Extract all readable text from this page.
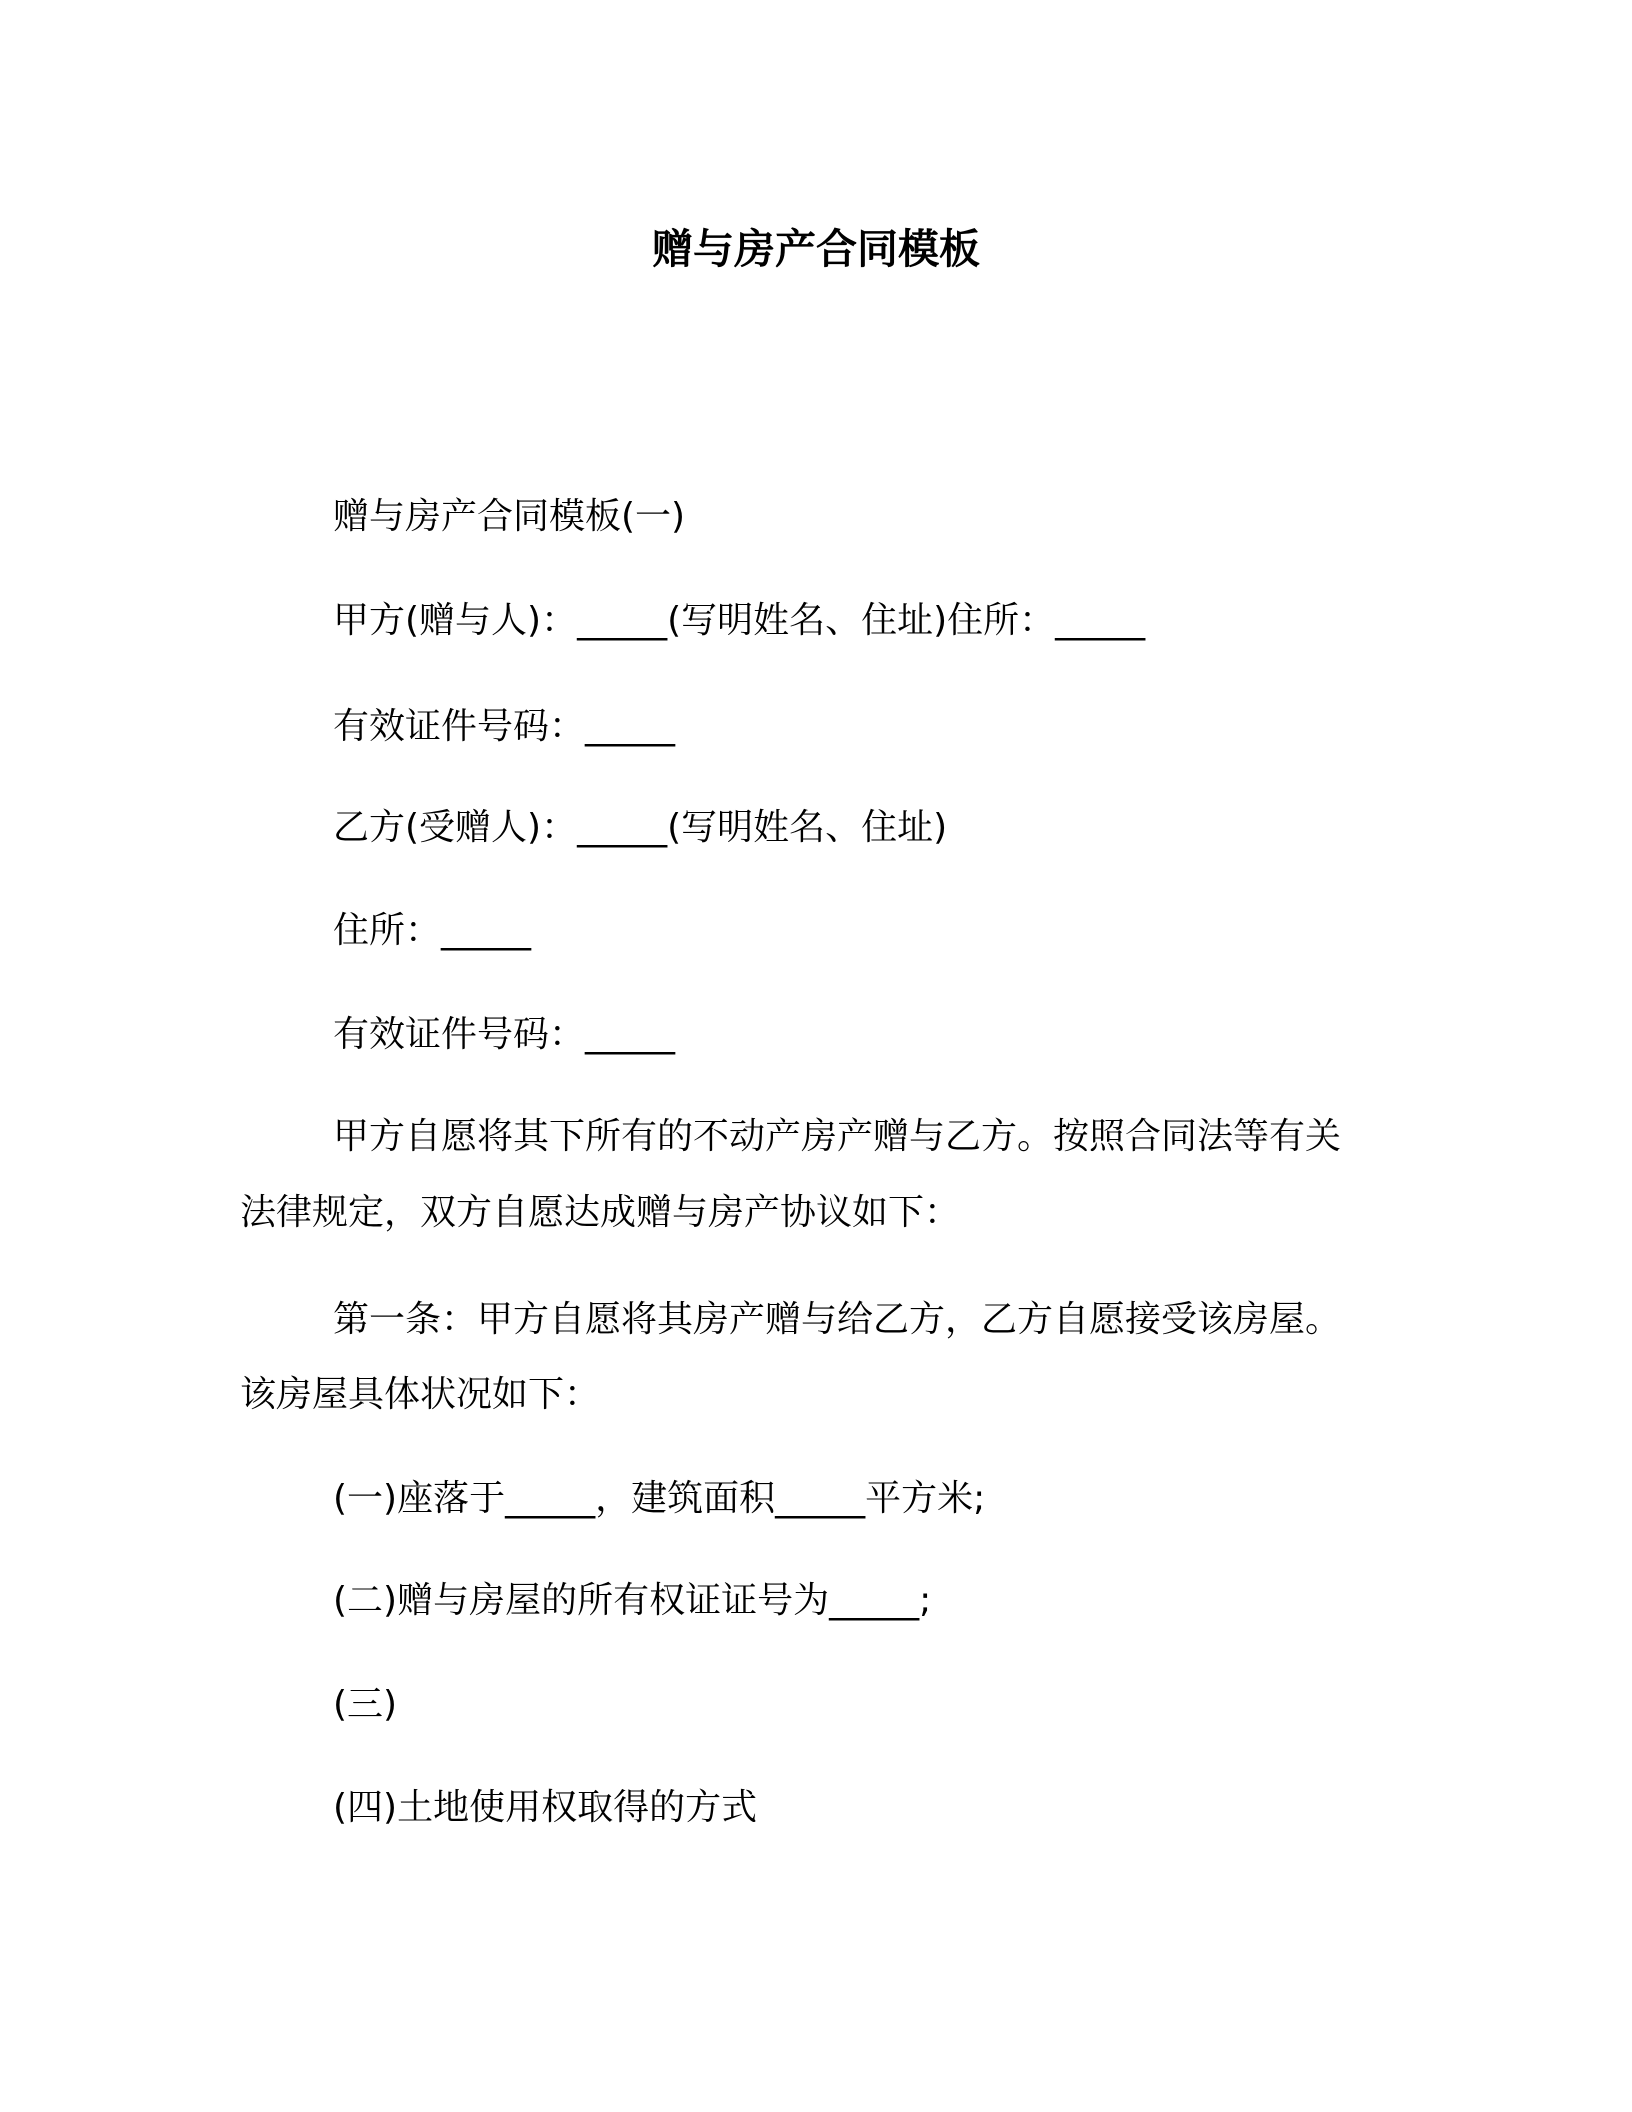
赠与房产合同模板
赠与房产合同模板(一)
甲方(赠与人)：_____(写明姓名、住址)住所：_____
有效证件号码：_____
乙方(受赠人)：_____(写明姓名、住址)
住所：_____
有效证件号码：_____
甲方自愿将其下所有的不动产房产赠与乙方。按照合同法等有关
法律规定，双方自愿达成赠与房产协议如下：
第一条：甲方自愿将其房产赠与给乙方，乙方自愿接受该房屋。
该房屋具体状况如下：
(一)座落于_____，建筑面积_____平方米;
(二)赠与房屋的所有权证证号为_____;
(三)
(四)土地使用权取得的方式
